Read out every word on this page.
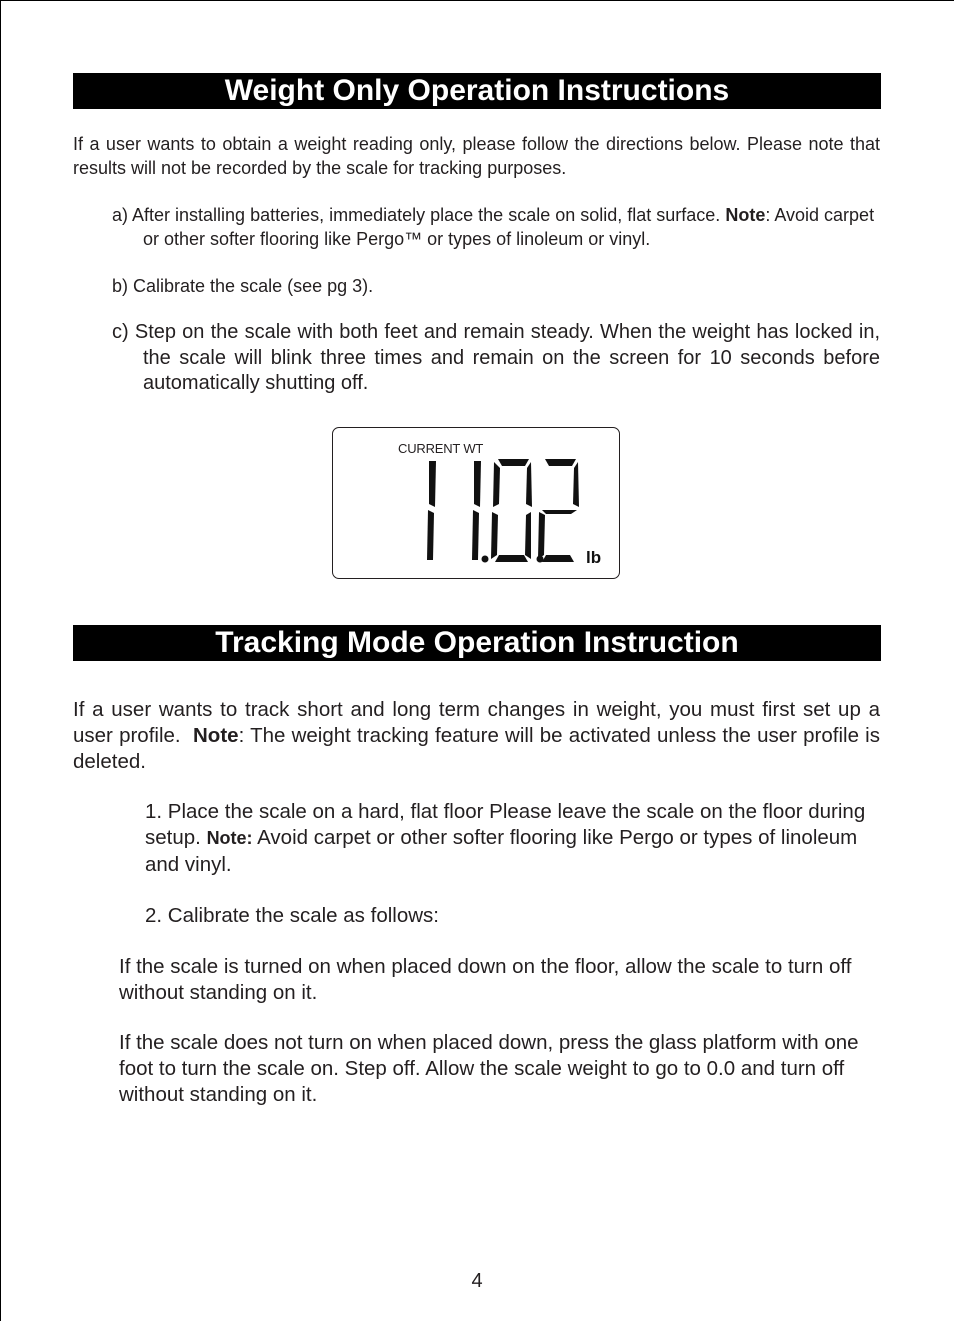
Weight Only Operation Instructions

If a user wants to obtain a weight reading only, please follow the directions below. Please note that results will not be recorded by the scale for tracking purposes.

a) After installing batteries, immediately place the scale on solid, flat surface. Note: Avoid carpet or other softer flooring like Pergo™ or types of linoleum or vinyl.

b) Calibrate the scale (see pg 3).

c) Step on the scale with both feet and remain steady. When the weight has locked in, the scale will blink three times and remain on the screen for 10 seconds before automatically shutting off.

CURRENT WT
lb
Tracking Mode Operation Instruction

If a user wants to track short and long term changes in weight, you must first set up a user profile. Note: The weight tracking feature will be activated unless the user profile is deleted.

1. Place the scale on a hard, flat floor Please leave the scale on the floor during setup. Note: Avoid carpet or other softer flooring like Pergo or types of linoleum and vinyl.

2. Calibrate the scale as follows:

If the scale is turned on when placed down on the floor, allow the scale to turn off without standing on it.

If the scale does not turn on when placed down, press the glass platform with one foot to turn the scale on. Step off. Allow the scale weight to go to 0.0 and turn off without standing on it.

4
